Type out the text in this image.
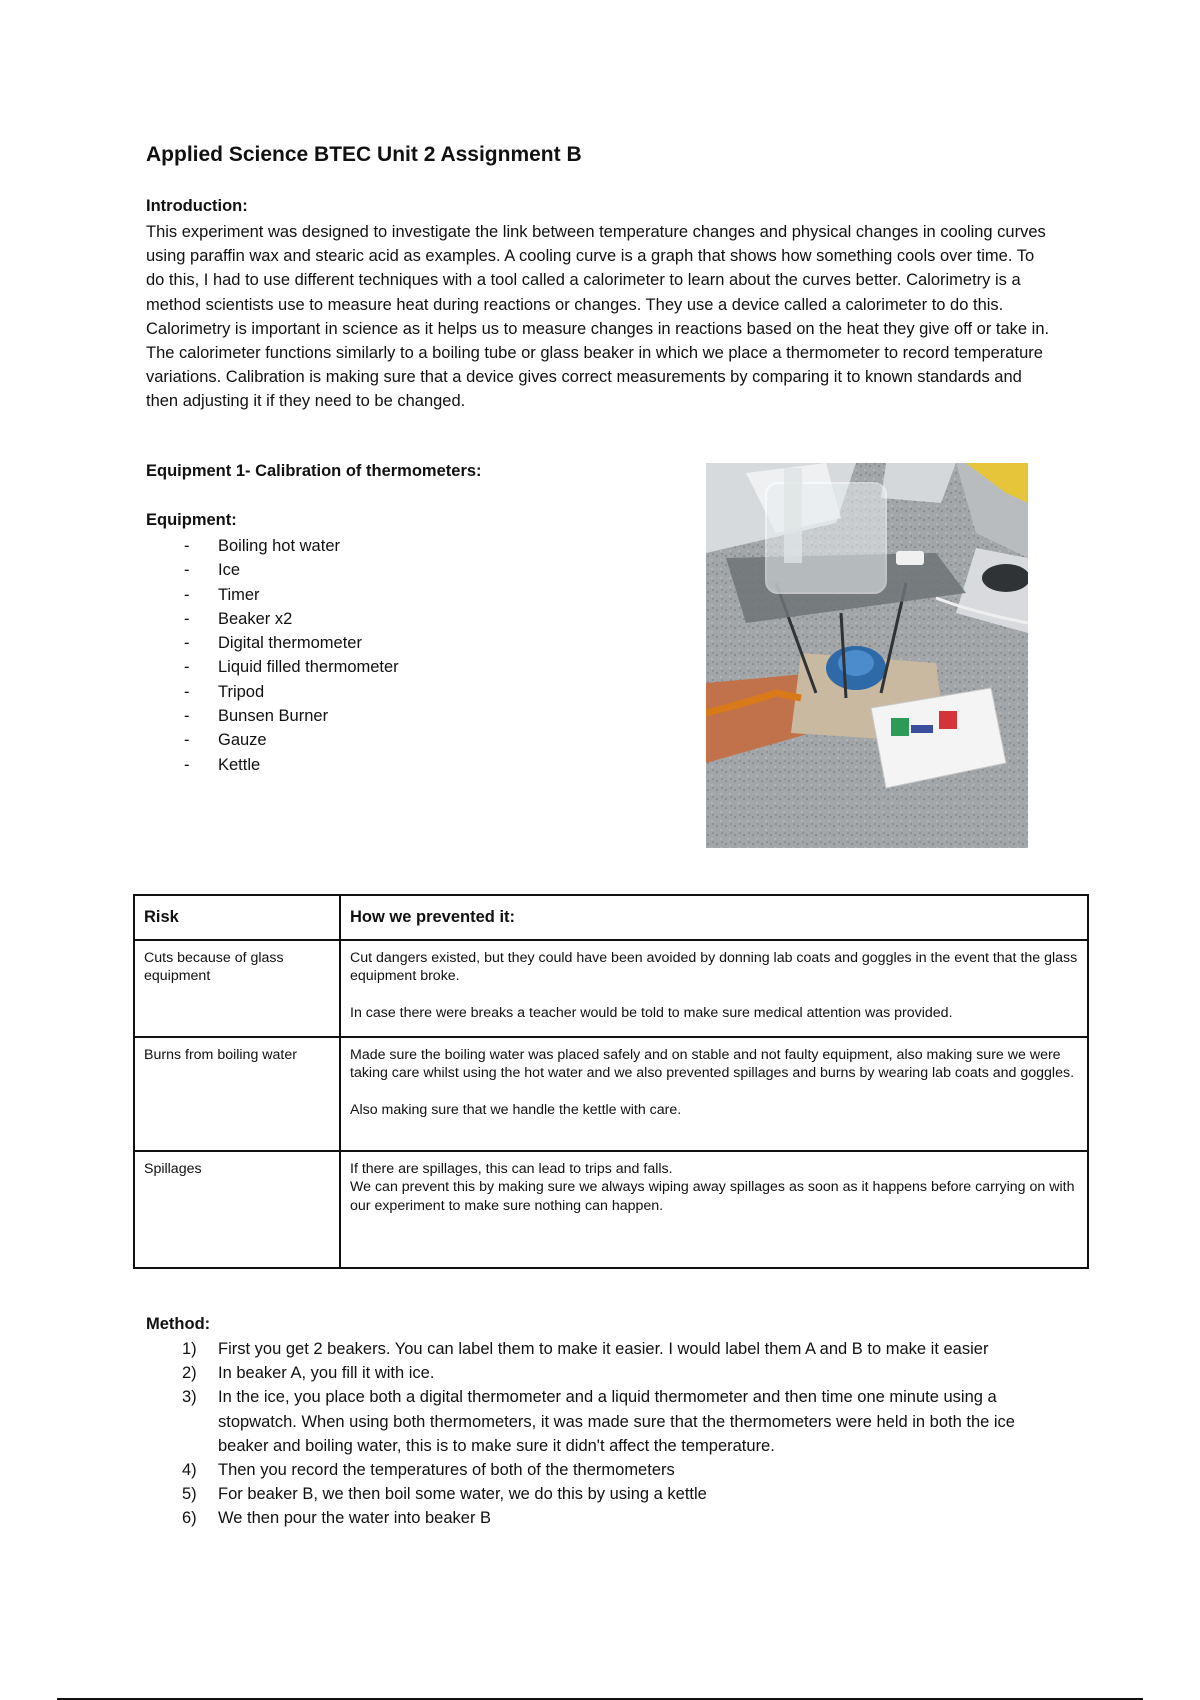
Applied Science BTEC Unit 2 Assignment B
Introduction:

This experiment was designed to investigate the link between temperature changes and physical changes in cooling curves using paraffin wax and stearic acid as examples. A cooling curve is a graph that shows how something cools over time. To do this, I had to use different techniques with a tool called a calorimeter to learn about the curves better. Calorimetry is a method scientists use to measure heat during reactions or changes. They use a device called a calorimeter to do this. Calorimetry is important in science as it helps us to measure changes in reactions based on the heat they give off or take in. The calorimeter functions similarly to a boiling tube or glass beaker in which we place a thermometer to record temperature variations. Calibration is making sure that a device gives correct measurements by comparing it to known standards and then adjusting it if they need to be changed.

Equipment 1- Calibration of thermometers:
Equipment:
- Boiling hot water
- Ice
- Timer
- Beaker x2
- Digital thermometer
- Liquid filled thermometer
- Tripod
- Bunsen Burner
- Gauze
- Kettle
Risk	How we prevented it:
Cuts because of glass equipment	Cut dangers existed, but they could have been avoided by donning lab coats and goggles in the event that the glass equipment broke.

In case there were breaks a teacher would be told to make sure medical attention was provided.

Burns from boiling water	Made sure the boiling water was placed safely and on stable and not faulty equipment, also making sure we were taking care whilst using the hot water and we also prevented spillages and burns by wearing lab coats and goggles.

Also making sure that we handle the kettle with care.

Spillages	If there are spillages, this can lead to trips and falls.

We can prevent this by making sure we always wiping away spillages as soon as it happens before carrying on with our experiment to make sure nothing can happen.

Method:
1) First you get 2 beakers. You can label them to make it easier. I would label them A and B to make it easier
2) In beaker A, you fill it with ice.
3) In the ice, you place both a digital thermometer and a liquid thermometer and then time one minute using a stopwatch. When using both thermometers, it was made sure that the thermometers were held in both the ice beaker and boiling water, this is to make sure it didn't affect the temperature.
4) Then you record the temperatures of both of the thermometers
5) For beaker B, we then boil some water, we do this by using a kettle
6) We then pour the water into beaker B
